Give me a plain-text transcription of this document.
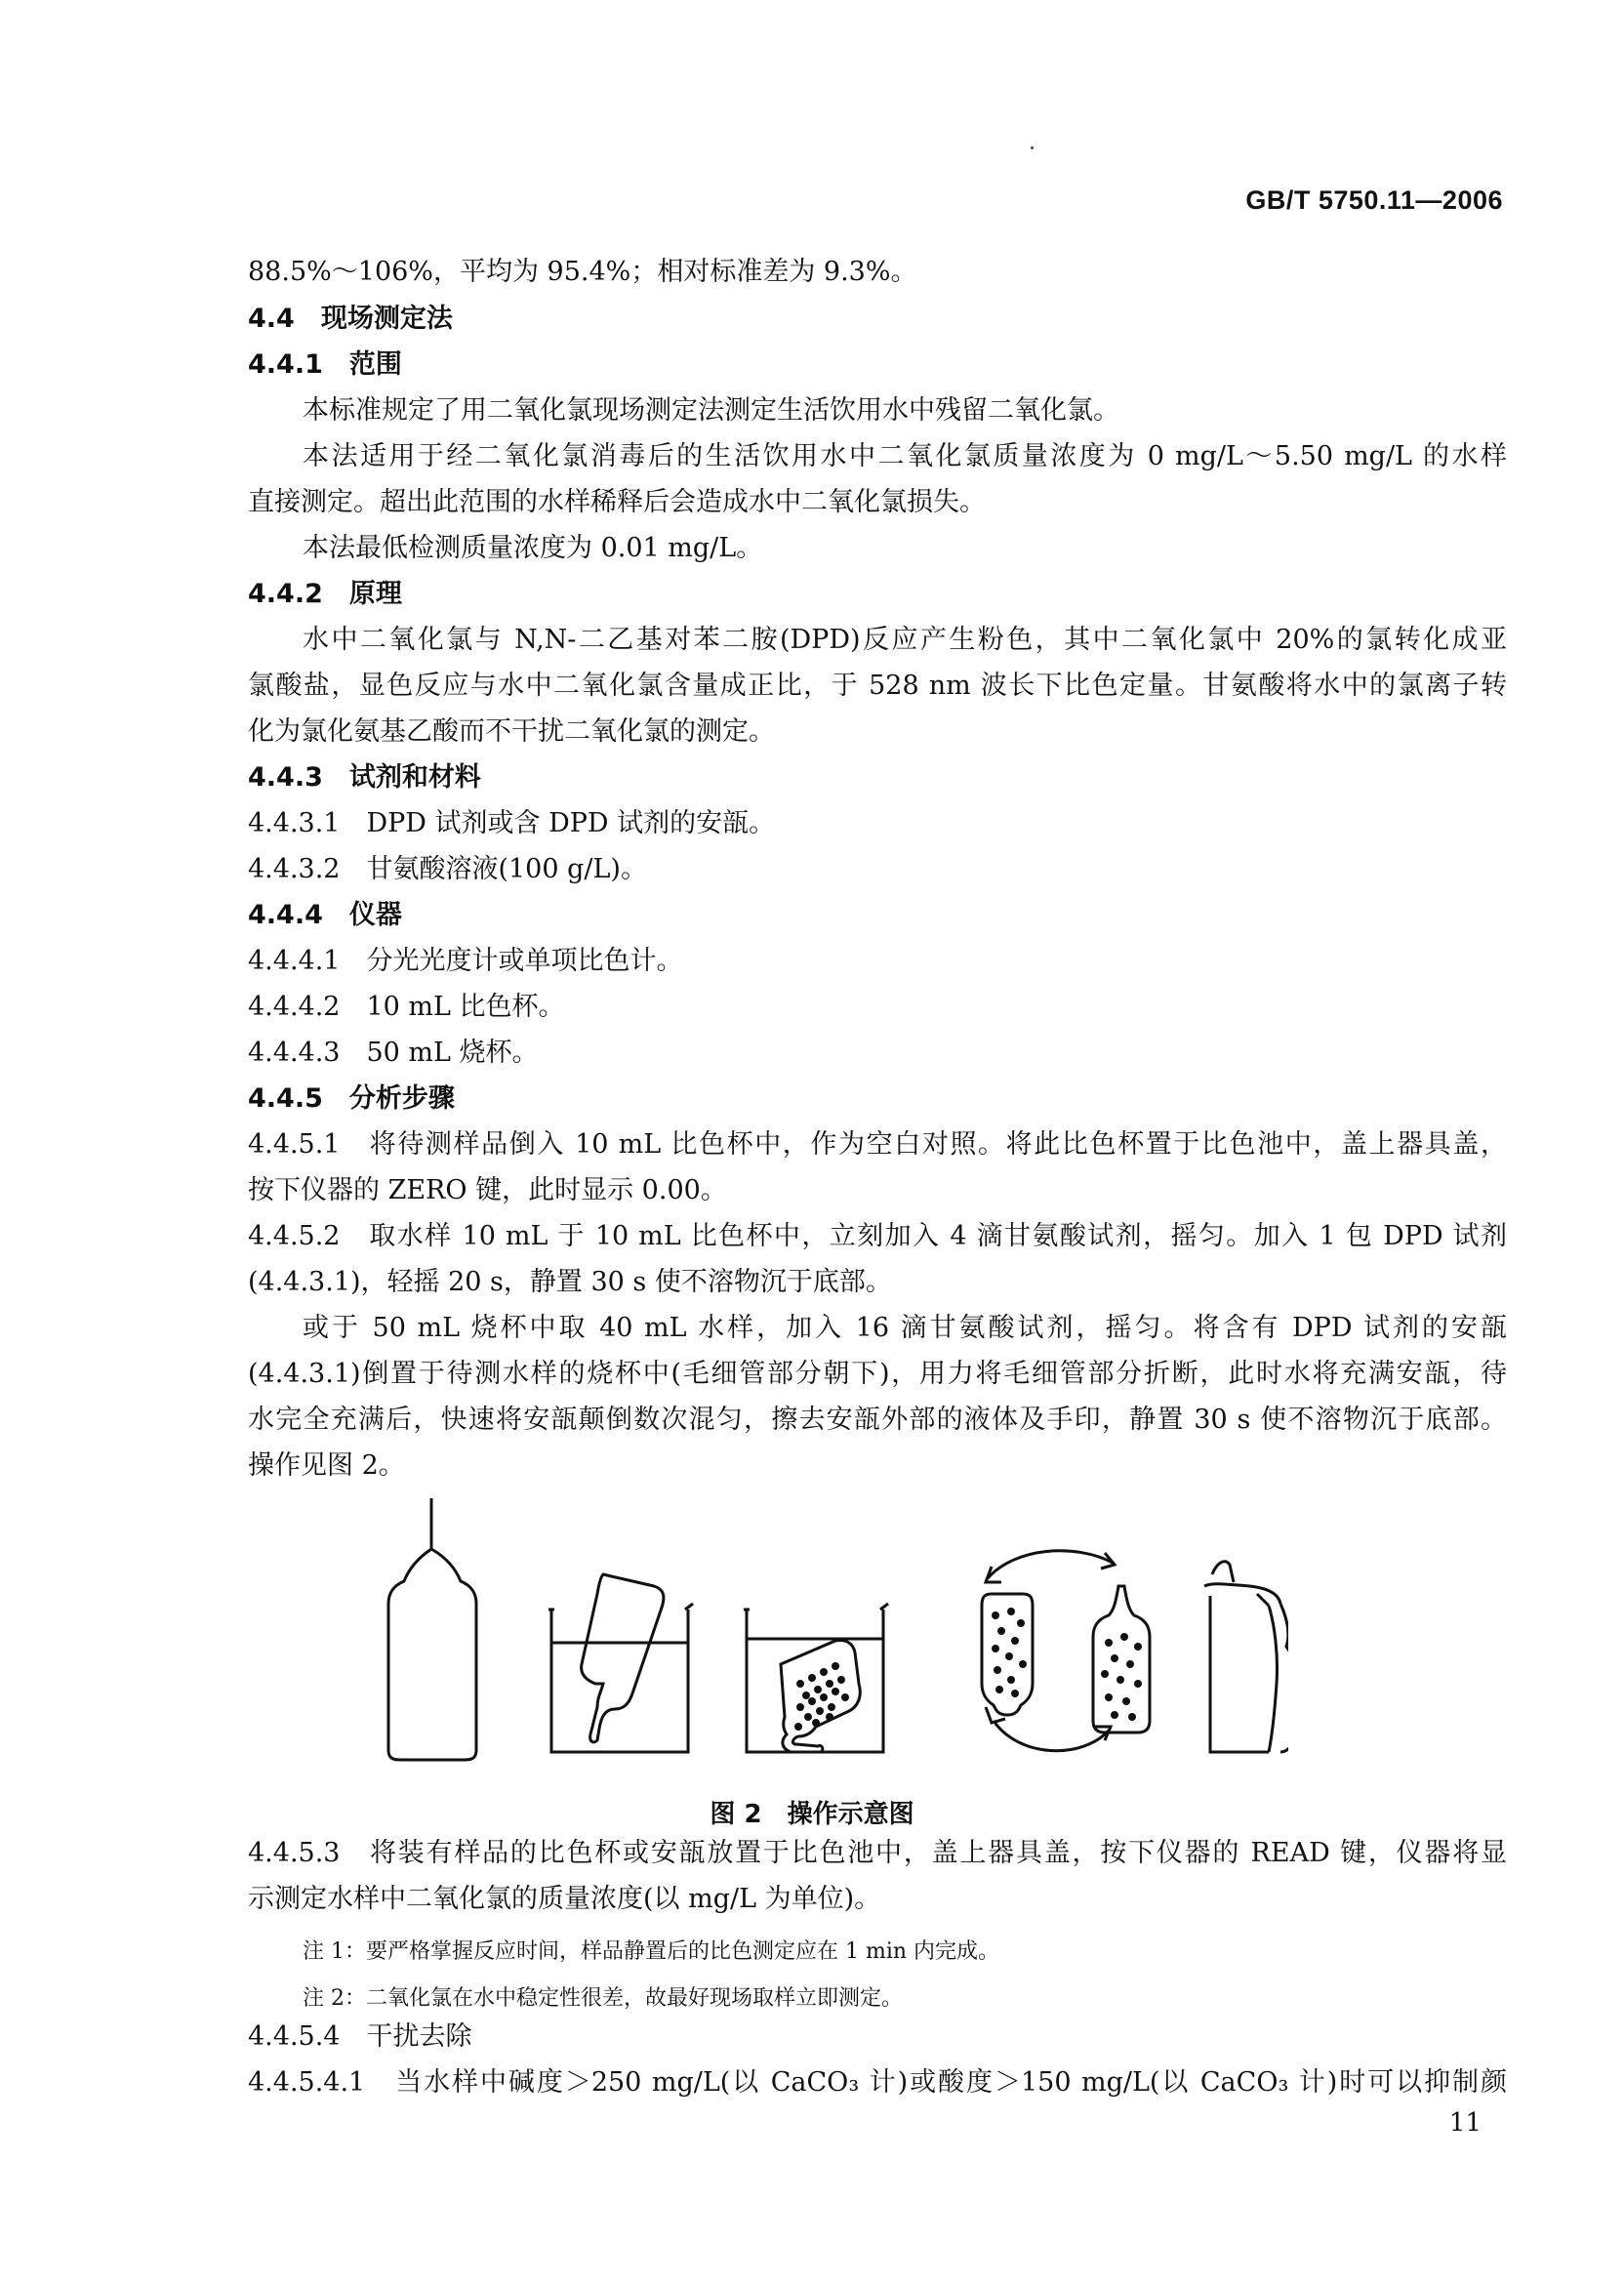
GB/T 5750.11—2006
88.5%～106%，平均为 95.4%；相对标准差为 9.3%。
4.4　现场测定法
4.4.1　范围
本标准规定了用二氧化氯现场测定法测定生活饮用水中残留二氧化氯。
本法适用于经二氧化氯消毒后的生活饮用水中二氧化氯质量浓度为 0 mg/L～5.50 mg/L 的水样
直接测定。超出此范围的水样稀释后会造成水中二氧化氯损失。
本法最低检测质量浓度为 0.01 mg/L。
4.4.2　原理
水中二氧化氯与 N,N-二乙基对苯二胺(DPD)反应产生粉色，其中二氧化氯中 20%的氯转化成亚
氯酸盐，显色反应与水中二氧化氯含量成正比，于 528 nm 波长下比色定量。甘氨酸将水中的氯离子转
化为氯化氨基乙酸而不干扰二氧化氯的测定。
4.4.3　试剂和材料
4.4.3.1　DPD 试剂或含 DPD 试剂的安瓿。
4.4.3.2　甘氨酸溶液(100 g/L)。
4.4.4　仪器
4.4.4.1　分光光度计或单项比色计。
4.4.4.2　10 mL 比色杯。
4.4.4.3　50 mL 烧杯。
4.4.5　分析步骤
4.4.5.1　将待测样品倒入 10 mL 比色杯中，作为空白对照。将此比色杯置于比色池中，盖上器具盖，
按下仪器的 ZERO 键，此时显示 0.00。
4.4.5.2　取水样 10 mL 于 10 mL 比色杯中，立刻加入 4 滴甘氨酸试剂，摇匀。加入 1 包 DPD 试剂
(4.4.3.1)，轻摇 20 s，静置 30 s 使不溶物沉于底部。
或于 50 mL 烧杯中取 40 mL 水样，加入 16 滴甘氨酸试剂，摇匀。将含有 DPD 试剂的安瓿
(4.4.3.1)倒置于待测水样的烧杯中(毛细管部分朝下)，用力将毛细管部分折断，此时水将充满安瓿，待
水完全充满后，快速将安瓿颠倒数次混匀，擦去安瓿外部的液体及手印，静置 30 s 使不溶物沉于底部。
操作见图 2。
图 2　操作示意图
4.4.5.3　将装有样品的比色杯或安瓿放置于比色池中，盖上器具盖，按下仪器的 READ 键，仪器将显
示测定水样中二氧化氯的质量浓度(以 mg/L 为单位)。
注 1：要严格掌握反应时间，样品静置后的比色测定应在 1 min 内完成。
注 2：二氧化氯在水中稳定性很差，故最好现场取样立即测定。
4.4.5.4　干扰去除
4.4.5.4.1　当水样中碱度＞250 mg/L(以 CaCO₃ 计)或酸度＞150 mg/L(以 CaCO₃ 计)时可以抑制颜
11
